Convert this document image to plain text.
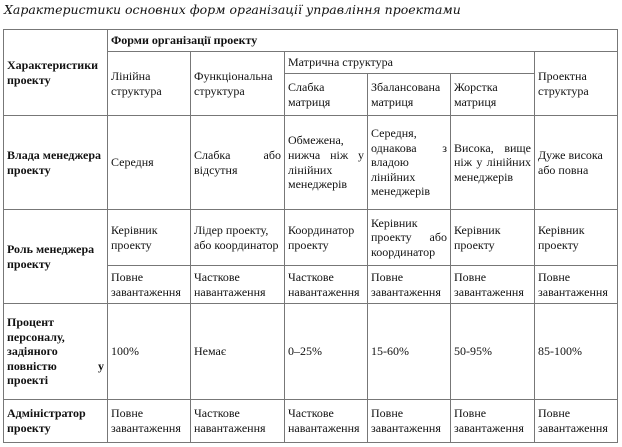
Характеристики основних форм організації управління проектами
Характеристики проекту	Форми організації проекту					
	Лінійна структура	Функціональна структура	Матрична структура			Проектна структура
			Слабка матриця	Збалансована матриця	Жорстка матриця	
Влада менеджера проекту	Середня	Слабка або відсутня	Обмежена, нижча ніж у лінійних менеджерів	Середня, однакова з владою лінійних менеджерів	Висока, вище ніж у лінійних менеджерів	Дуже висока або повна
Роль менеджера проекту	Керівник проекту	Лідер проекту, або координатор	Координатор проекту	Керівник проекту або координатор	Керівник проекту	Керівник проекту
	Повне завантаження	Часткове навантаження	Часткове навантаження	Повне завантаження	Повне завантаження	Повне завантаження
Процент персоналу, задіяного повністю у проекті	100%	Немає	0–25%	15-60%	50-95%	85-100%
Адміністратор проекту	Повне завантаження	Часткове навантаження	Часткове навантаження	Повне завантаження	Повне завантаження	Повне завантаження
